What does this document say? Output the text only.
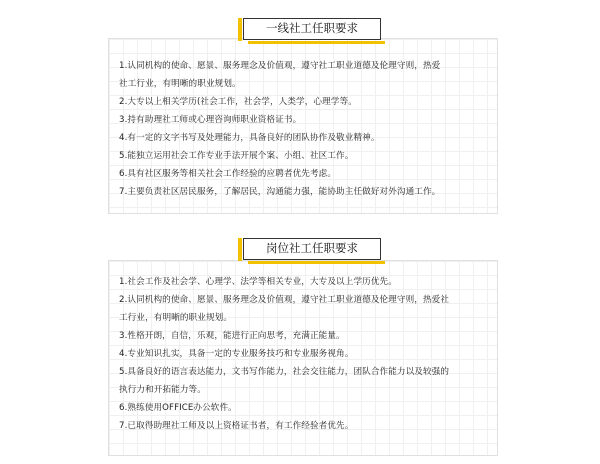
1.认同机构的使命、愿景、服务理念及价值观，遵守社工职业道德及伦理守则，热爱
社工行业，有明晰的职业规划。
2.大专以上相关学历(社会工作，社会学，人类学，心理学等。
3.持有助理社工师或心理咨询师职业资格证书。
4.有一定的文字书写及处理能力，具备良好的团队协作及敬业精神。
5.能独立运用社会工作专业手法开展个案、小组、社区工作。
6.具有社区服务等相关社会工作经验的应聘者优先考虑。
7.主要负责社区居民服务，了解居民，沟通能力强，能协助主任做好对外沟通工作。
一线社工任职要求
1.社会工作及社会学、心理学、法学等相关专业，大专及以上学历优先。
2.认同机构的使命、愿景、服务理念及价值观，遵守社工职业道德及伦理守则，热爱社
工行业，有明晰的职业规划。
3.性格开朗，自信，乐观，能进行正向思考，充满正能量。
4.专业知识扎实，具备一定的专业服务技巧和专业服务视角。
5.具备良好的语言表达能力，文书写作能力，社会交往能力，团队合作能力以及较强的
执行力和开拓能力等。
6.熟练使用OFFICE办公软件。
7.已取得助理社工师及以上资格证书者，有工作经验者优先。
岗位社工任职要求
